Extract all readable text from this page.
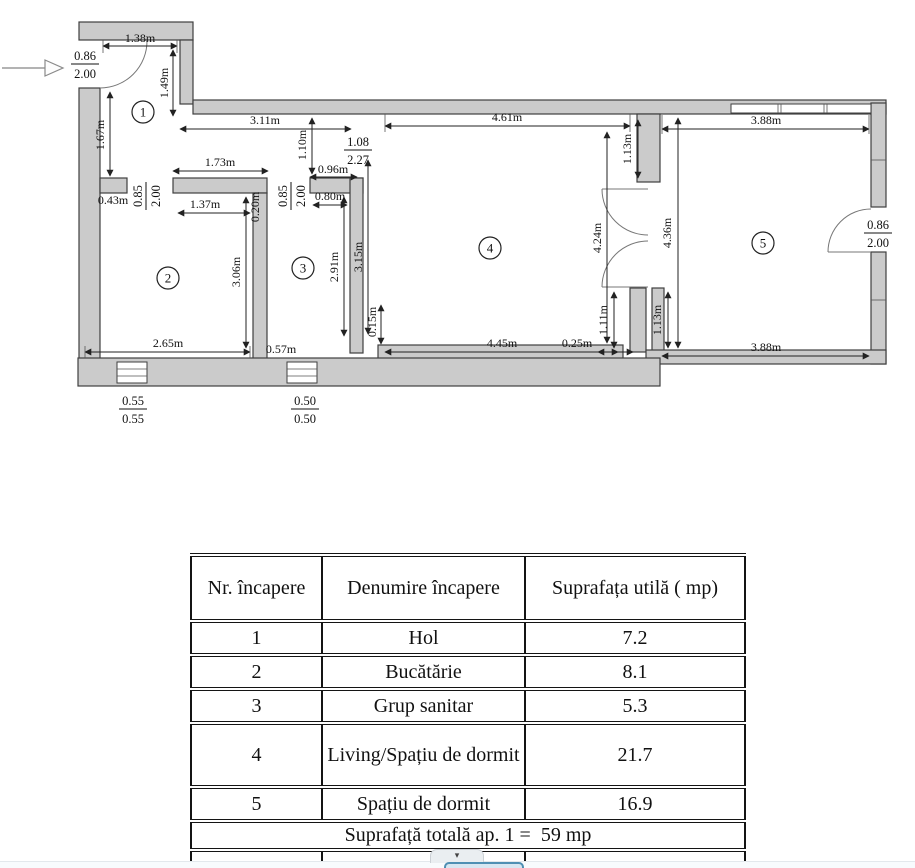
1.38m
3.11m	4.61m
1.73m
1.37m
0.43m
0.96m
0.80m
2.65m	0.57m	4.45m	0.25m
3.88m
3.88m
1.49m
1.67m	1.10m
0.20m
3.06m	2.91m 3.15m
0.15m
4.24m	4.36m
1.13m
1.11m	1.13m
0.86
2.00
0.86
2.00
1.08
2.27
0.55
0.55
0.50
0.50
0.85 2.00	0.85 2.00
1
2
3
4	5
Nr. încapere	Denumire încapere	Suprafața utilă ( mp)
1	Hol	7.2
2	Bucătărie	8.1
3	Grup sanitar	5.3
4	Living/Spațiu de dormit	21.7
5	Spațiu de dormit	16.9
Suprafață totală ap. 1 =  59 mp		

▾
